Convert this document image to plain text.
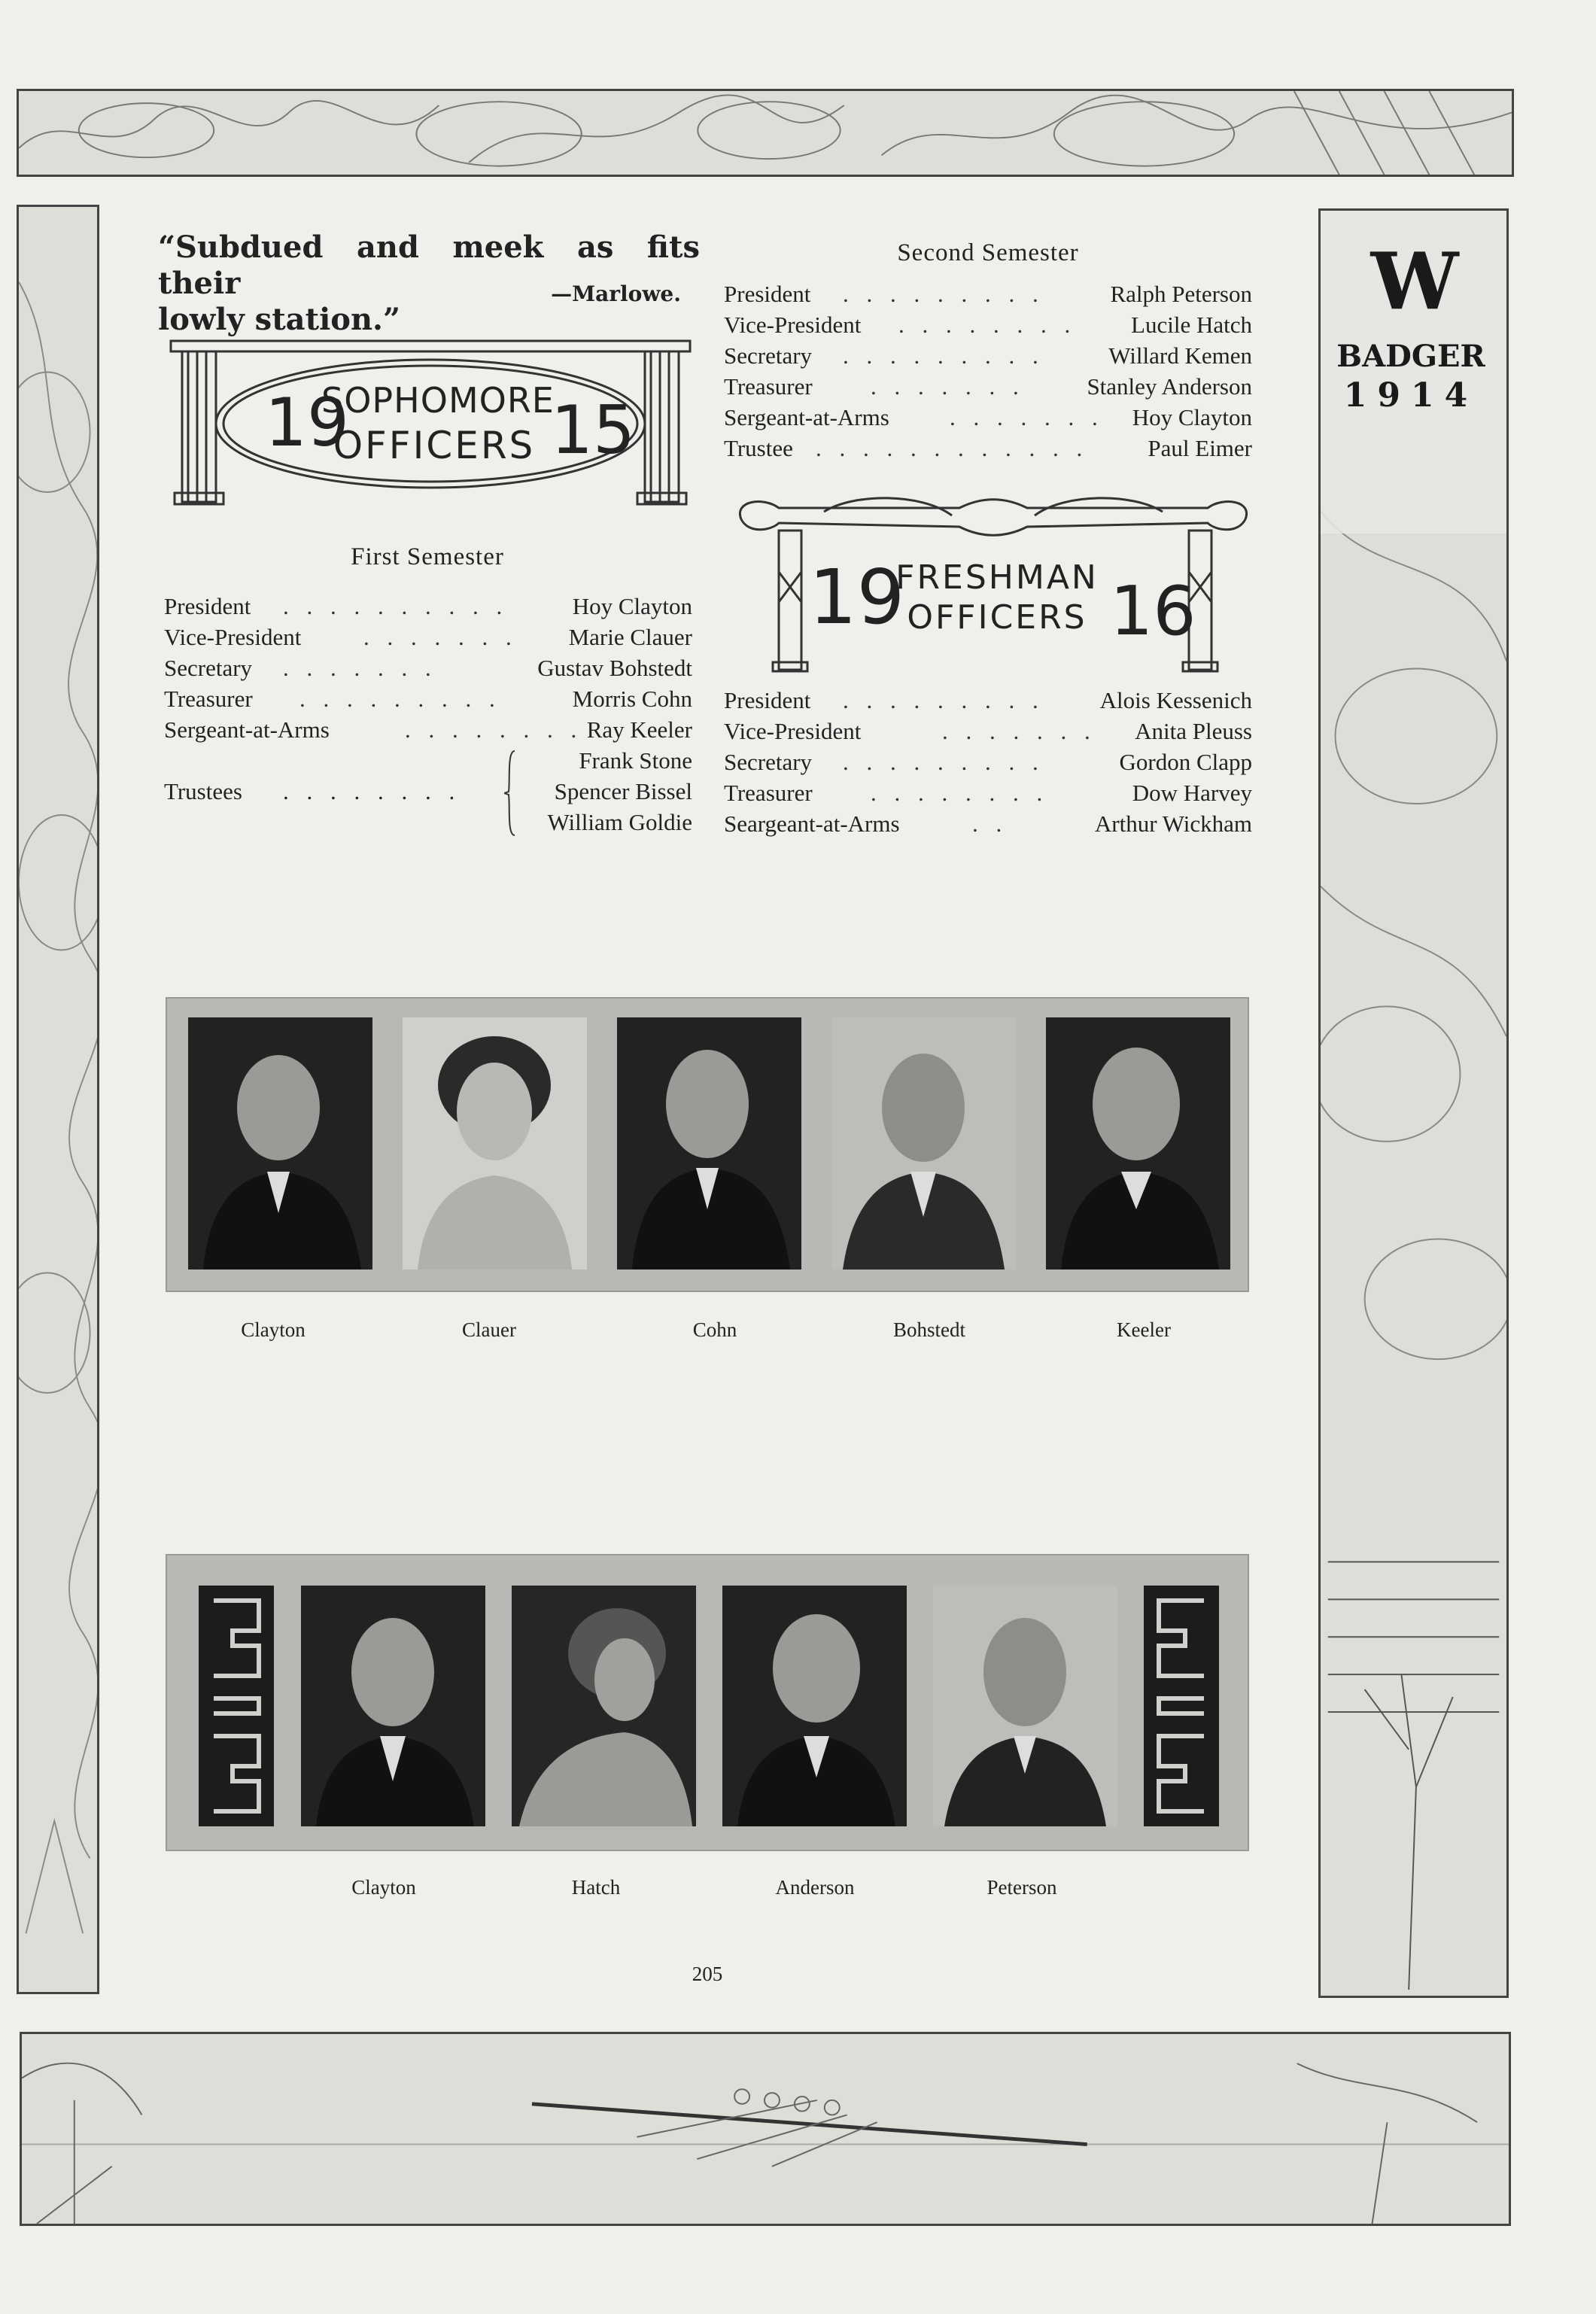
“Subdued and meek as fits their
lowly station.”
—Marlowe.
19
SOPHOMORE
OFFICERS 15
First Semester
President . . . . . . . . . .	Hoy Clayton
Vice-President	. . . . . . . Marie Clauer
Secretary . . . . . . .	Gustav Bohstedt
Treasurer . . . . . . . . .	Morris Cohn
Sergeant-at-Arms	. . . . . . . . Ray Keeler
Trustees . . . . . . . .
Frank Stone
Spencer Bissel
William Goldie
Second Semester
President . . . . . . . . .	Ralph Peterson
Vice-President . . . . . . . . Lucile Hatch
Secretary . . . . . . . . .	Willard Kemen
Treasurer . . . . . . .	Stanley Anderson
Sergeant-at-Arms	. . . . . . . Hoy Clayton
Trustee . . . . . . . . . . . .	Paul Eimer
19
FRESHMAN
OFFICERS 16
President . . . . . . . . . Alois Kessenich
Vice-President	. . . . . . . Anita Pleuss
Secretary . . . . . . . . .	Gordon Clapp
Treasurer . . . . . . . .	Dow Harvey
Seargeant-at-Arms	. .	Arthur Wickham
Clayton	Clauer	Cohn	Bohstedt	Keeler
Clayton	Hatch	Anderson	Peterson
W
BADGER
1914
205
